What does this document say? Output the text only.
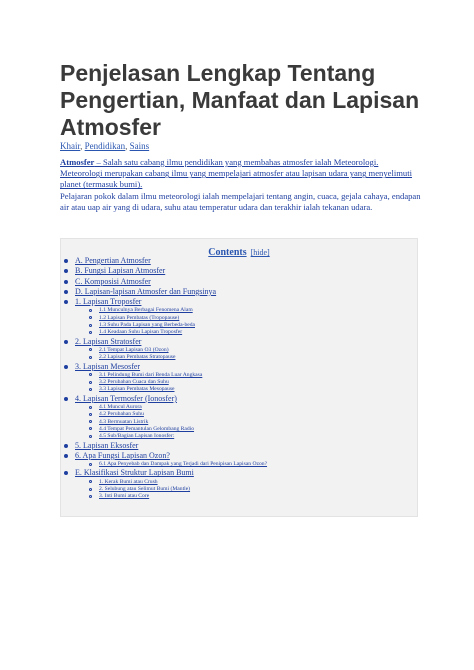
Penjelasan Lengkap Tentang Pengertian, Manfaat dan Lapisan Atmosfer
Khair, Pendidikan, Sains

Atmosfer – Salah satu cabang ilmu pendidikan yang membahas atmosfer ialah Meteorologi.

Meteorologi merupakan cabang ilmu yang mempelajari atmosfer atau lapisan udara yang menyelimuti planet (termasuk bumi).

Pelajaran pokok dalam ilmu meteorologi ialah mempelajari tentang angin, cuaca, gejala cahaya, endapan air atau uap air yang di udara, suhu atau temperatur udara dan terakhir ialah tekanan udara.

Contents [hide]
A. Pengertian Atmosfer
B. Fungsi Lapisan Atmosfer
C. Komposisi Atmosfer
D. Lapisan-lapisan Atmosfer dan Fungsinya
1. Lapisan Troposfer
1.1 Munculnya Berbagai Fenomena Alam
1.2 Lapisan Pembatas (Tropopause)
1.3 Suhu Pada Lapisan yang Berbeda-beda
1.4 Keadaan Suhu Lapisan Troposfer
2. Lapisan Stratosfer
2.1 Tempat Lapisan O3 (Ozon)
2.2 Lapisan Pembatas Stratopause
3. Lapisan Mesosfer
3.1 Pelindung Bumi dari Benda Luar Angkasa
3.2 Perubahan Cuaca dan Suhu
3.3 Lapisan Pembatas Mesopause
4. Lapisan Termosfer (Ionosfer)
4.1 Muncul Aurora
4.2 Perubahan Suhu
4.3 Bermuatan Listrik
4.4 Tempat Pemantulan Gelombang Radio
4.5 Sub/Bagian Lapisan Ionosfer:
5. Lapisan Eksosfer
6. Apa Fungsi Lapisan Ozon?
6.1 Apa Penyebab dan Dampak yang Terjadi dari Penipisan Lapisan Ozon?
E. Klasifikasi Struktur Lapisan Bumi
1. Kerak Bumi atau Crush
2. Selubung atau Selimut Bumi (Mantle)
3. Inti Bumi atau Core
